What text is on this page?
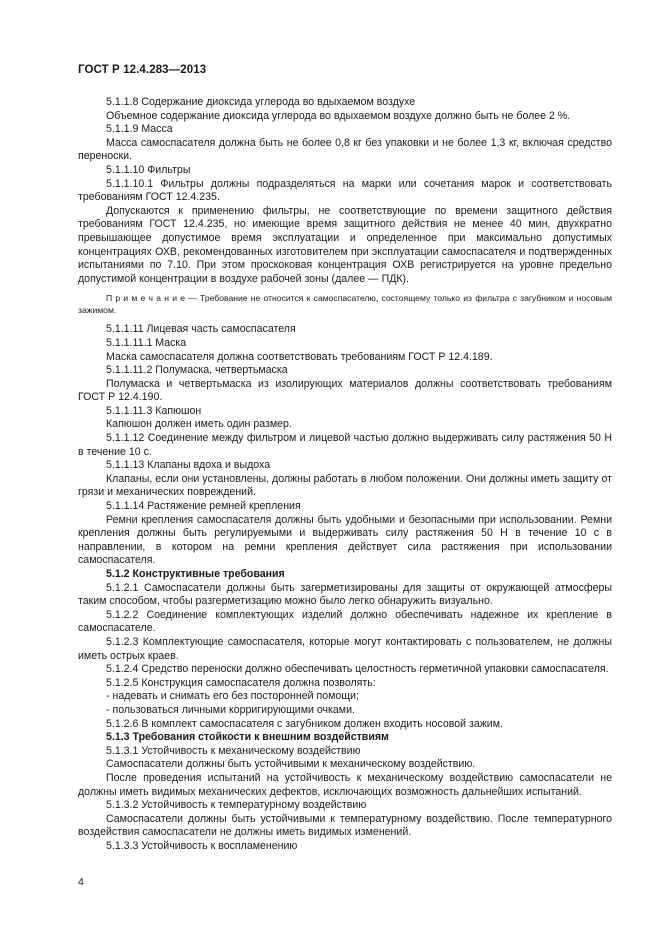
ГОСТ Р 12.4.283—2013

5.1.1.8 Содержание диоксида углерода во вдыхаемом воздухе

Объемное содержание диоксида углерода во вдыхаемом воздухе должно быть не более 2 %.

5.1.1.9 Масса

Масса самоспасателя должна быть не более 0,8 кг без упаковки и не более 1,3 кг, включая средство переноски.

5.1.1.10 Фильтры

5.1.1.10.1 Фильтры должны подразделяться на марки или сочетания марок и соответствовать требованиям ГОСТ 12.4.235.

Допускаются к применению фильтры, не соответствующие по времени защитного действия требованиям ГОСТ 12.4.235, но имеющие время защитного действия не менее 40 мин, двухкратно превышающее допустимое время эксплуатации и определенное при максимально допустимых концентрациях ОХВ, рекомендованных изготовителем при эксплуатации самоспасателя и подтвержденных испытаниями по 7.10. При этом проскоковая концентрация ОХВ регистрируется на уровне предельно допустимой концентрации в воздухе рабочей зоны (далее — ПДК).

П р и м е ч а н и е — Требование не относится к самоспасателю, состоящему только из фильтра с загубником и носовым зажимом.

5.1.1.11 Лицевая часть самоспасателя

5.1.1.11.1 Маска

Маска самоспасателя должна соответствовать требованиям ГОСТ Р 12.4.189.

5.1.1.11.2 Полумаска, четвертьмаска

Полумаска и четвертьмаска из изолирующих материалов должны соответствовать требованиям ГОСТ Р 12.4.190.

5.1.1.11.3 Капюшон

Капюшон должен иметь один размер.

5.1.1.12 Соединение между фильтром и лицевой частью должно выдерживать силу растяжения 50 Н в течение 10 с.

5.1.1.13 Клапаны вдоха и выдоха

Клапаны, если они установлены, должны работать в любом положении. Они должны иметь защиту от грязи и механических повреждений.

5.1.1.14 Растяжение ремней крепления

Ремни крепления самоспасателя должны быть удобными и безопасными при использовании. Ремни крепления должны быть регулируемыми и выдерживать силу растяжения 50 Н в течение 10 с в направлении, в котором на ремни крепления действует сила растяжения при использовании самоспасателя.

5.1.2 Конструктивные требования

5.1.2.1 Самоспасатели должны быть загерметизированы для защиты от окружающей атмосферы таким способом, чтобы разгерметизацию можно было легко обнаружить визуально.

5.1.2.2 Соединение комплектующих изделий должно обеспечивать надежное их крепление в самоспасателе.

5.1.2.3 Комплектующие самоспасателя, которые могут контактировать с пользователем, не должны иметь острых краев.

5.1.2.4 Средство переноски должно обеспечивать целостность герметичной упаковки самоспасателя.

5.1.2.5 Конструкция самоспасателя должна позволять:

- надевать и снимать его без посторонней помощи;

- пользоваться личными корригирующими очками.

5.1.2.6 В комплект самоспасателя с загубником должен входить носовой зажим.

5.1.3 Требования стойкости к внешним воздействиям

5.1.3.1 Устойчивость к механическому воздействию

Самоспасатели должны быть устойчивыми к механическому воздействию.

После проведения испытаний на устойчивость к механическому воздействию самоспасатели не должны иметь видимых механических дефектов, исключающих возможность дальнейших испытаний.

5.1.3.2 Устойчивость к температурному воздействию

Самоспасатели должны быть устойчивыми к температурному воздействию. После температурного воздействия самоспасатели не должны иметь видимых изменений.

5.1.3.3 Устойчивость к воспламенению

4
